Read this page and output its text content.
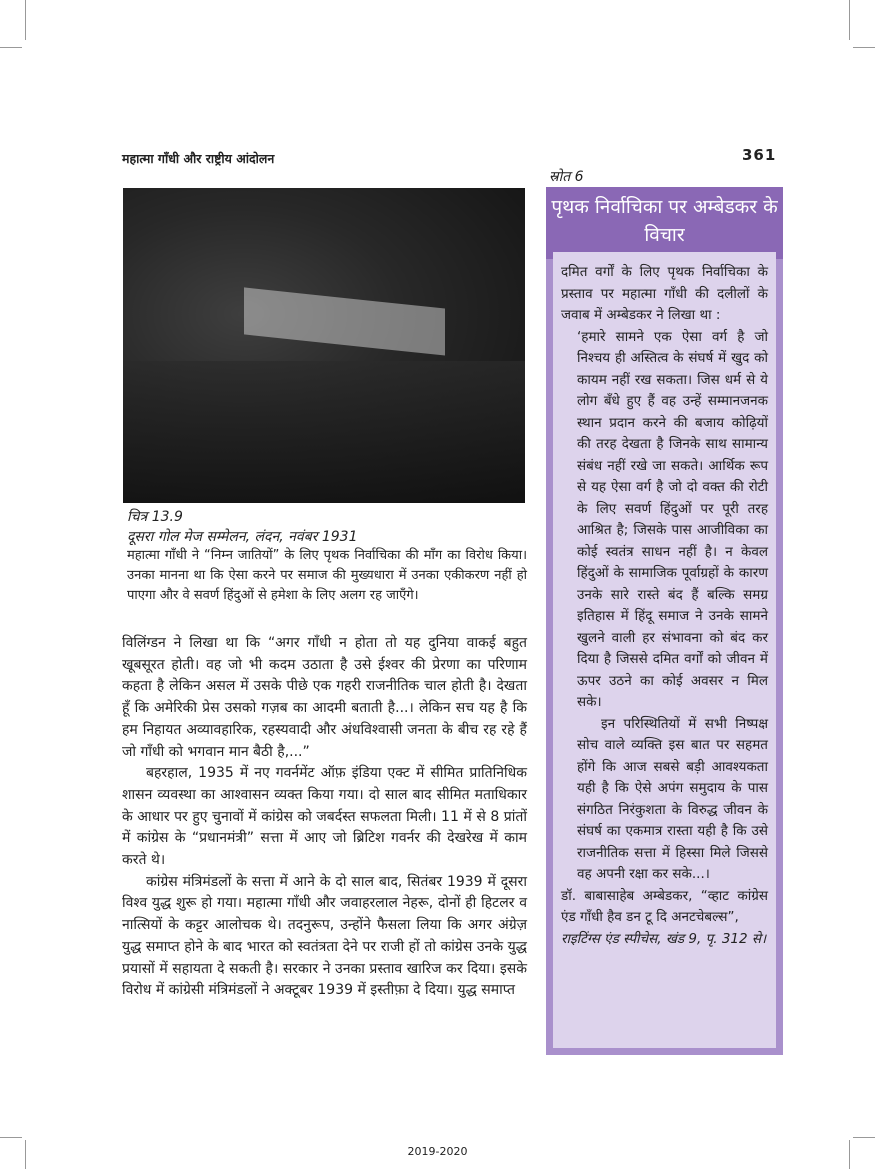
महात्मा गाँधी और राष्ट्रीय आंदोलन	361
चित्र 13.9
दूसरा गोल मेज सम्मेलन, लंदन, नवंबर 1931
महात्मा गाँधी ने “निम्न जातियों” के लिए पृथक निर्वाचिका की माँग का विरोध किया। उनका मानना था कि ऐसा करने पर समाज की मुख्यधारा में उनका एकीकरण नहीं हो पाएगा और वे सवर्ण हिंदुओं से हमेशा के लिए अलग रह जाएँगे।

विलिंग्डन ने लिखा था कि “अगर गाँधी न होता तो यह दुनिया वाकई बहुत खूबसूरत होती। वह जो भी कदम उठाता है उसे ईश्वर की प्रेरणा का परिणाम कहता है लेकिन असल में उसके पीछे एक गहरी राजनीतिक चाल होती है। देखता हूँ कि अमेरिकी प्रेस उसको गज़ब का आदमी बताती है...। लेकिन सच यह है कि हम निहायत अव्यावहारिक, रहस्यवादी और अंधविश्वासी जनता के बीच रह रहे हैं जो गाँधी को भगवान मान बैठी है,...”

बहरहाल, 1935 में नए गवर्नमेंट ऑफ़ इंडिया एक्ट में सीमित प्रातिनिधिक शासन व्यवस्था का आश्वासन व्यक्त किया गया। दो साल बाद सीमित मताधिकार के आधार पर हुए चुनावों में कांग्रेस को जबर्दस्त सफलता मिली। 11 में से 8 प्रांतों में कांग्रेस के “प्रधानमंत्री” सत्ता में आए जो ब्रिटिश गवर्नर की देखरेख में काम करते थे।

कांग्रेस मंत्रिमंडलों के सत्ता में आने के दो साल बाद, सितंबर 1939 में दूसरा विश्व युद्ध शुरू हो गया। महात्मा गाँधी और जवाहरलाल नेहरू, दोनों ही हिटलर व नात्सियों के कट्टर आलोचक थे। तदनुरूप, उन्होंने फैसला लिया कि अगर अंग्रेज़ युद्ध समाप्त होने के बाद भारत को स्वतंत्रता देने पर राजी हों तो कांग्रेस उनके युद्ध प्रयासों में सहायता दे सकती है। सरकार ने उनका प्रस्ताव खारिज कर दिया। इसके विरोध में कांग्रेसी मंत्रिमंडलों ने अक्टूबर 1939 में इस्तीफ़ा दे दिया। युद्ध समाप्त

स्रोत 6
पृथक निर्वाचिका पर अम्बेडकर के विचार

दमित वर्गों के लिए पृथक निर्वाचिका के प्रस्ताव पर महात्मा गाँधी की दलीलों के जवाब में अम्बेडकर ने लिखा था :

‘हमारे सामने एक ऐसा वर्ग है जो निश्चय ही अस्तित्व के संघर्ष में खुद को कायम नहीं रख सकता। जिस धर्म से ये लोग बँधे हुए हैं वह उन्हें सम्मानजनक स्थान प्रदान करने की बजाय कोढ़ियों की तरह देखता है जिनके साथ सामान्य संबंध नहीं रखे जा सकते। आर्थिक रूप से यह ऐसा वर्ग है जो दो वक्त की रोटी के लिए सवर्ण हिंदुओं पर पूरी तरह आश्रित है; जिसके पास आजीविका का कोई स्वतंत्र साधन नहीं है। न केवल हिंदुओं के सामाजिक पूर्वाग्रहों के कारण उनके सारे रास्ते बंद हैं बल्कि समग्र इतिहास में हिंदू समाज ने उनके सामने खुलने वाली हर संभावना को बंद कर दिया है जिससे दमित वर्गों को जीवन में ऊपर उठने का कोई अवसर न मिल सके।

इन परिस्थितियों में सभी निष्पक्ष सोच वाले व्यक्ति इस बात पर सहमत होंगे कि आज सबसे बड़ी आवश्यकता यही है कि ऐसे अपंग समुदाय के पास संगठित निरंकुशता के विरुद्ध जीवन के संघर्ष का एकमात्र रास्ता यही है कि उसे राजनीतिक सत्ता में हिस्सा मिले जिससे वह अपनी रक्षा कर सके...।

डॉ. बाबासाहेब अम्बेडकर, “व्हाट कांग्रेस एंड गाँधी हैव डन टू दि अनटचेबल्स”,

राइटिंग्स एंड स्पीचेस, खंड 9, पृ. 312 से।

2019-2020
